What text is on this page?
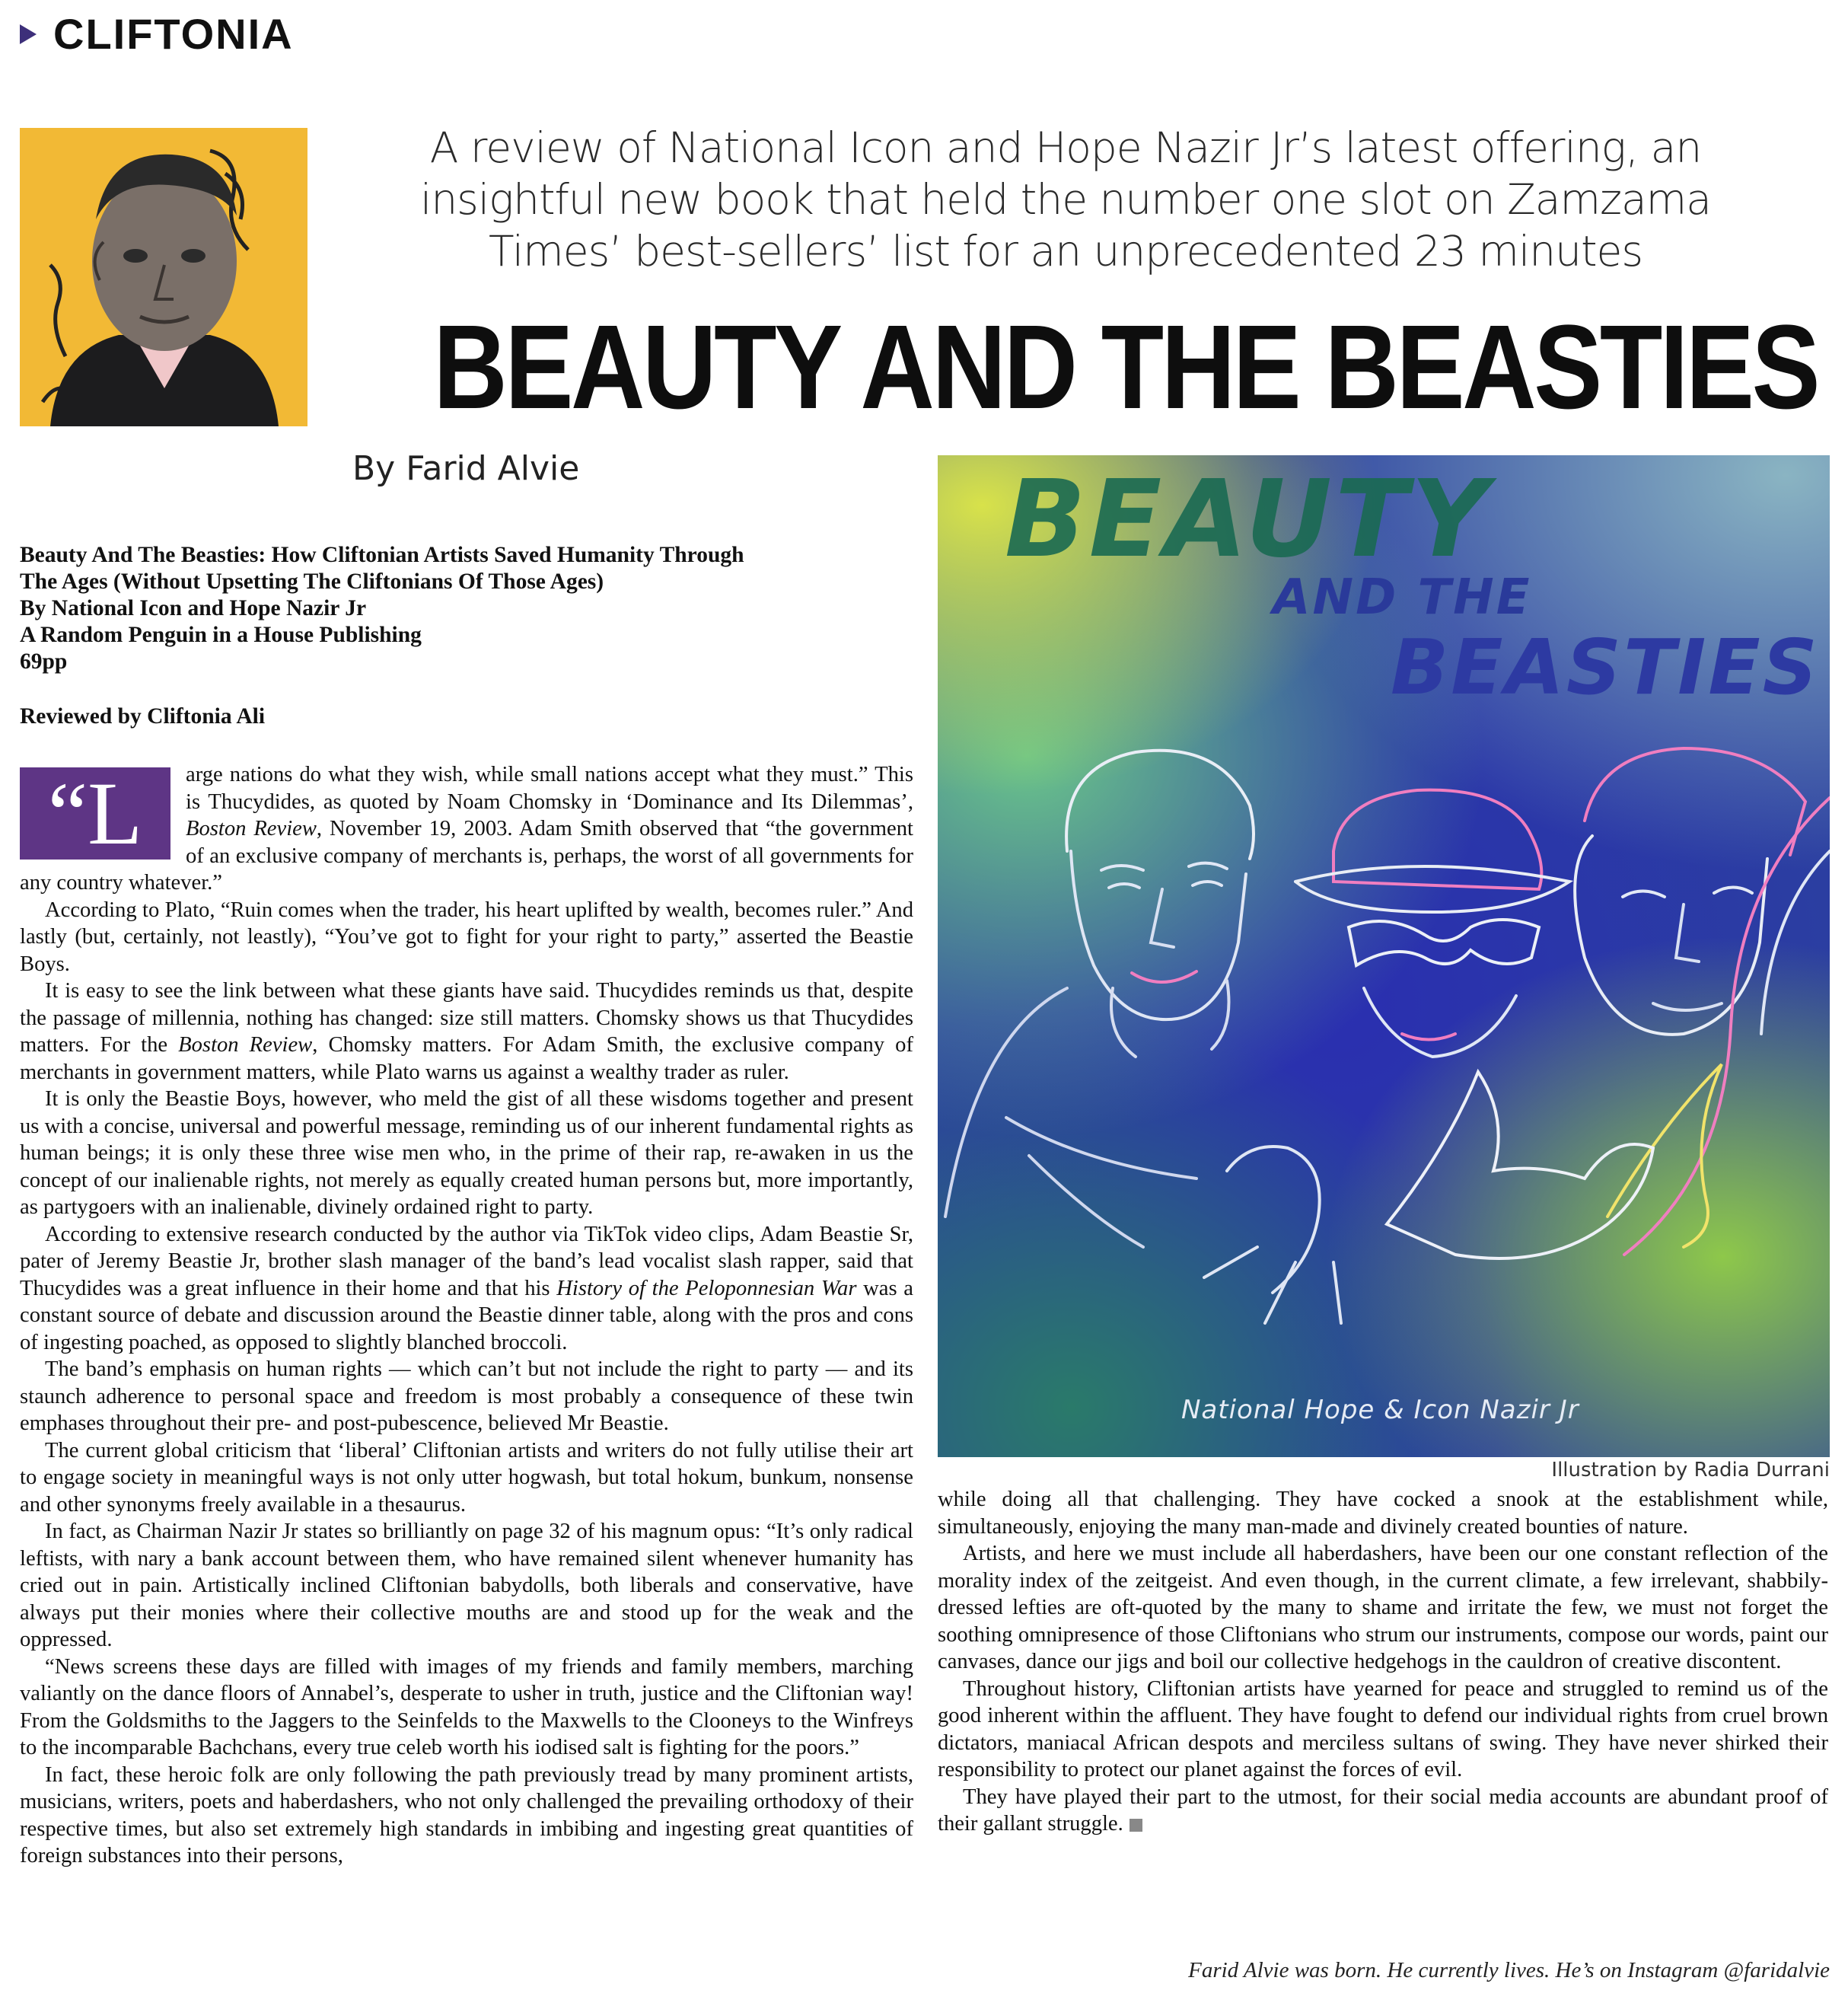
CLIFTONIA
A review of National Icon and Hope Nazir Jr’s latest offering, an
insightful new book that held the number one slot on Zamzama
Times’ best-sellers’ list for an unprecedented 23 minutes
BEAUTY AND THE BEASTIES
By Farid Alvie
Beauty And The Beasties: How Cliftonian Artists Saved Humanity Through
The Ages (Without Upsetting The Cliftonians Of Those Ages)
By National Icon and Hope Nazir Jr
A Random Penguin in a House Publishing
69pp
Reviewed by Cliftonia Ali

“L	arge nations do what they wish, while small nations accept what they must.” This is Thucydides, as quoted by Noam Chomsky in ‘Dominance and Its Dilemmas’, Boston Review, November 19, 2003. Adam Smith observed that “the government of an exclusive company of merchants is, perhaps, the worst of all governments for any country whatever.”

According to Plato, “Ruin comes when the trader, his heart uplifted by wealth, becomes ruler.” And lastly (but, certainly, not leastly), “You’ve got to fight for your right to party,” asserted the Beastie Boys.

It is easy to see the link between what these giants have said. Thucydides reminds us that, despite the passage of millennia, nothing has changed: size still matters. Chomsky shows us that Thucydides matters. For the Boston Review, Chomsky matters. For Adam Smith, the exclusive company of merchants in government matters, while Plato warns us against a wealthy trader as ruler.

It is only the Beastie Boys, however, who meld the gist of all these wisdoms together and present us with a concise, universal and powerful message, reminding us of our inherent fundamental rights as human beings; it is only these three wise men who, in the prime of their rap, re-awaken in us the concept of our inalienable rights, not merely as equally created human persons but, more importantly, as partygoers with an inalienable, divinely ordained right to party.

According to extensive research conducted by the author via TikTok video clips, Adam Beastie Sr, pater of Jeremy Beastie Jr, brother slash manager of the band’s lead vocalist slash rapper, said that Thucydides was a great influence in their home and that his History of the Peloponnesian War was a constant source of debate and discussion around the Beastie dinner table, along with the pros and cons of ingesting poached, as opposed to slightly blanched broccoli.

The band’s emphasis on human rights — which can’t but not include the right to party — and its staunch adherence to personal space and freedom is most probably a consequence of these twin emphases throughout their pre- and post-pubescence, believed Mr Beastie.

The current global criticism that ‘liberal’ Cliftonian artists and writers do not fully utilise their art to engage society in meaningful ways is not only utter hogwash, but total hokum, bunkum, nonsense and other synonyms freely available in a thesaurus.

In fact, as Chairman Nazir Jr states so brilliantly on page 32 of his magnum opus: “It’s only radical leftists, with nary a bank account between them, who have remained silent whenever humanity has cried out in pain. Artistically inclined Cliftonian babydolls, both liberals and conservative, have always put their monies where their collective mouths are and stood up for the weak and the oppressed.

“News screens these days are filled with images of my friends and family members, marching valiantly on the dance floors of Annabel’s, desperate to usher in truth, justice and the Cliftonian way! From the Goldsmiths to the Jaggers to the Seinfelds to the Maxwells to the Clooneys to the Winfreys to the incomparable Bachchans, every true celeb worth his iodised salt is fighting for the poors.”

In fact, these heroic folk are only following the path previously tread by many prominent artists, musicians, writers, poets and haberdashers, who not only challenged the prevailing orthodoxy of their respective times, but also set extremely high standards in imbibing and ingesting great quantities of foreign substances into their persons,

BEAUTY
AND THE
BEASTIES
National Hope & Icon Nazir Jr
Illustration by Radia Durrani

while doing all that challenging. They have cocked a snook at the establishment while, simultaneously, enjoying the many man-made and divinely created bounties of nature.

Artists, and here we must include all haberdashers, have been our one constant reflection of the morality index of the zeitgeist. And even though, in the current climate, a few irrelevant, shabbily-dressed lefties are oft-quoted by the many to shame and irritate the few, we must not forget the soothing omnipresence of those Cliftonians who strum our instruments, compose our words, paint our canvases, dance our jigs and boil our collective hedgehogs in the cauldron of creative discontent.

Throughout history, Cliftonian artists have yearned for peace and struggled to remind us of the good inherent within the affluent. They have fought to defend our individual rights from cruel brown dictators, maniacal African despots and merciless sultans of swing. They have never shirked their responsibility to protect our planet against the forces of evil.

They have played their part to the utmost, for their social media accounts are abundant proof of their gallant struggle.

Farid Alvie was born. He currently lives. He’s on Instagram @faridalvie
